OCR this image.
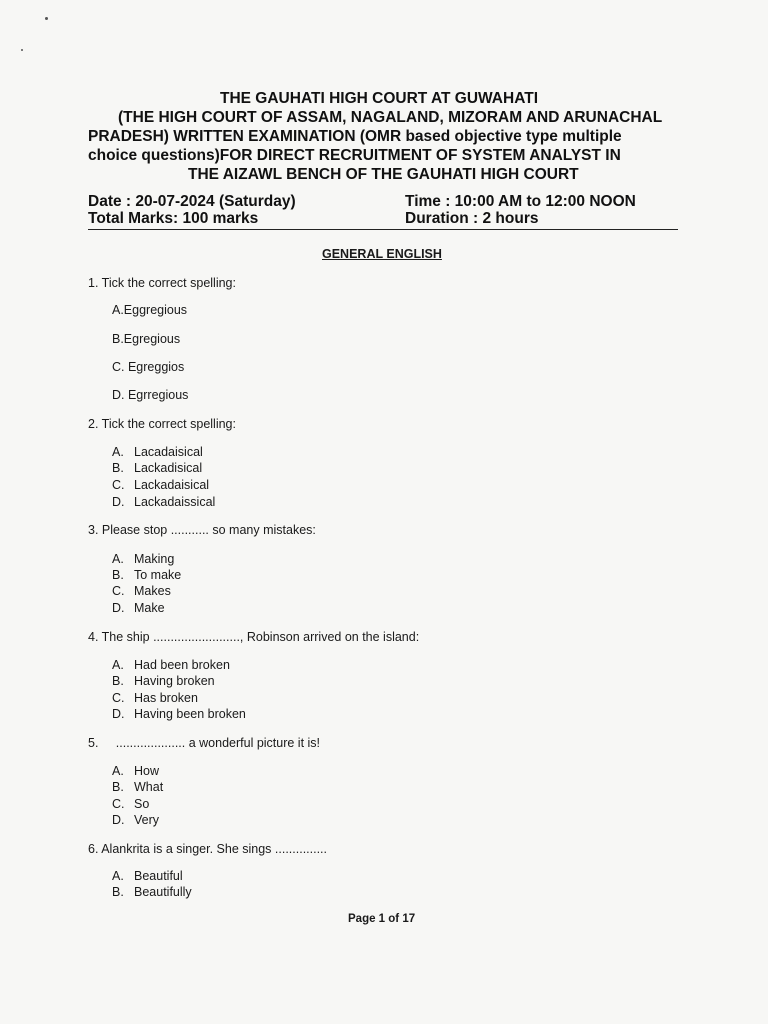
THE GAUHATI HIGH COURT AT GUWAHATI
(THE HIGH COURT OF ASSAM, NAGALAND, MIZORAM AND ARUNACHAL
PRADESH) WRITTEN EXAMINATION (OMR based objective type multiple
choice questions)FOR DIRECT RECRUITMENT OF SYSTEM ANALYST IN
THE AIZAWL BENCH OF THE GAUHATI HIGH COURT
Date : 20-07-2024 (Saturday)	Time : 10:00 AM to 12:00 NOON
Total Marks: 100 marks	Duration : 2 hours
GENERAL ENGLISH
1. Tick the correct spelling:
A.Eggregious
B.Egregious
C. Egreggios
D. Egrregious
2. Tick the correct spelling:
A. Lacadaisical
B. Lackadisical
C. Lackadaisical
D. Lackadaissical
3. Please stop ........... so many mistakes:
A. Making
B. To make
C. Makes
D. Make
4. The ship ........................., Robinson arrived on the island:
A. Had been broken
B. Having broken
C. Has broken
D. Having been broken
5.     .................... a wonderful picture it is!
A. How
B. What
C. So
D. Very
6. Alankrita is a singer. She sings ...............
A. Beautiful
B. Beautifully
Page 1 of 17
